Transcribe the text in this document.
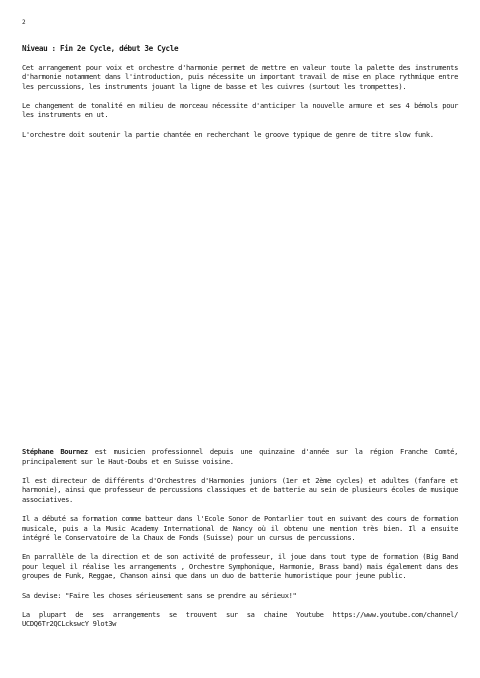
2

Niveau : Fin 2e Cycle, début 3e Cycle

Cet arrangement pour voix et orchestre d'harmonie permet de mettre en valeur toute la palette des instruments d'harmonie notamment dans l'introduction, puis nécessite un important travail de mise en place rythmique entre les percussions, les instruments jouant la ligne de basse et les cuivres (surtout les trompettes).

Le changement de tonalité en milieu de morceau nécessite d'anticiper la nouvelle armure et ses 4 bémols pour les instruments en ut.

L'orchestre doit soutenir la partie chantée en recherchant le groove typique de genre de titre slow funk.

Stéphane Bournez est musicien professionnel depuis une quinzaine d'année sur la région Franche Comté, principalement sur le Haut-Doubs et en Suisse voisine.

Il est directeur de différents d'Orchestres d'Harmonies juniors (1er et 2ème cycles) et adultes (fanfare et harmonie), ainsi que professeur de percussions classiques et de batterie au sein de plusieurs écoles de musique associatives.

Il a débuté sa formation comme batteur dans l'Ecole Sonor de Pontarlier tout en suivant des cours de formation musicale, puis a la Music Academy International de Nancy où il obtenu une mention très bien. Il a ensuite intégré le Conservatoire de la Chaux de Fonds (Suisse) pour un cursus de percussions.

En parrallèle de la direction et de son activité de professeur, il joue dans tout type de formation (Big Band pour lequel il réalise les arrangements , Orchestre Symphonique, Harmonie, Brass band) mais également dans des groupes de Funk, Reggae, Chanson ainsi que dans un duo de batterie humoristique pour jeune public.

Sa devise: "Faire les choses sérieusement sans se prendre au sérieux!"

La plupart de ses arrangements se trouvent sur sa chaine Youtube https://www.youtube.com/channel/ UCDQ6Tr2QCLckswcY 9lot3w
